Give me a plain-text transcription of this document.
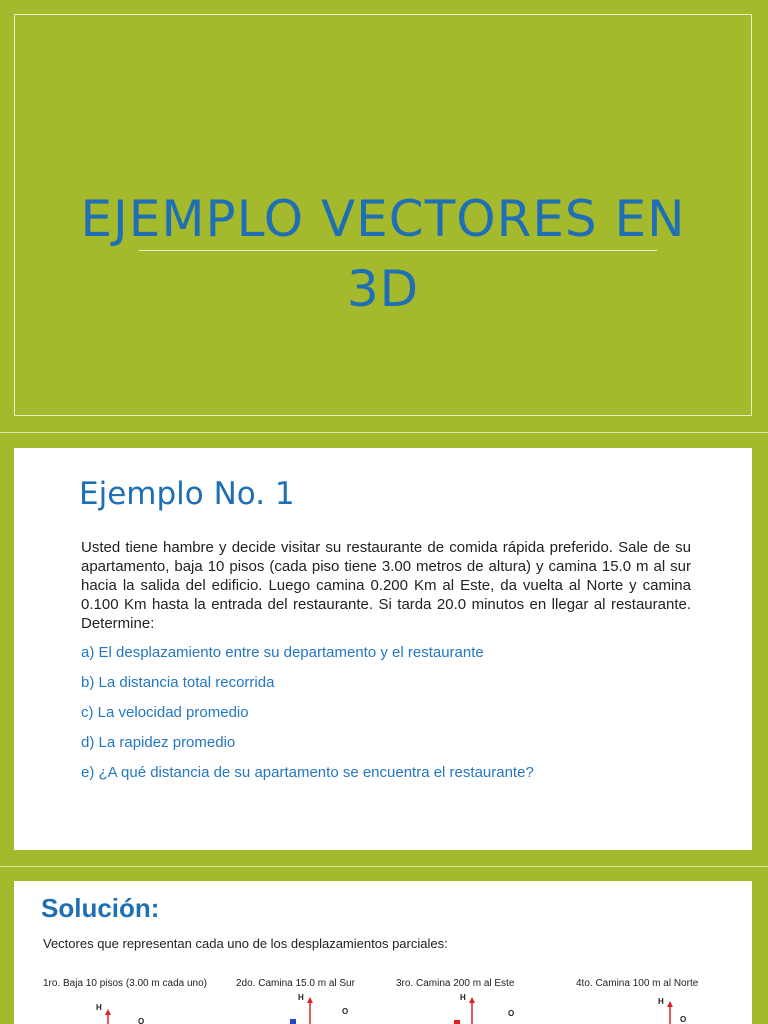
EJEMPLO VECTORES EN
3D
Ejemplo No. 1
Usted tiene hambre y decide visitar su restaurante de comida rápida preferido. Sale de su apartamento, baja 10 pisos (cada piso tiene 3.00 metros de altura) y camina 15.0 m al sur hacia la salida del edificio. Luego camina 0.200 Km al Este, da vuelta al Norte y camina 0.100 Km hasta la entrada del restaurante. Si tarda 20.0 minutos en llegar al restaurante. Determine:
a) El desplazamiento entre su departamento y el restaurante
b) La distancia total recorrida
c) La velocidad promedio
d) La rapidez promedio
e) ¿A qué distancia de su apartamento se encuentra el restaurante?
Solución:
Vectores que representan cada uno de los desplazamientos parciales:
1ro. Baja 10 pisos (3.00 m cada uno)	2do. Camina 15.0 m al Sur	3ro. Camina 200 m al Este	4to. Camina 100 m al Norte
H
O
H
O
H
O
H
O
